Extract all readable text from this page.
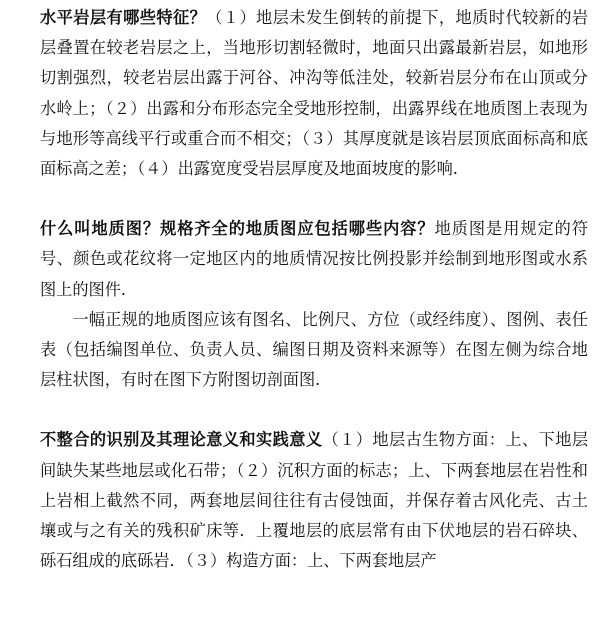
水平岩层有哪些特征？（１）地层未发生倒转的前提下，地质时代较新的岩层叠置在较老岩层之上，当地形切割轻微时，地面只出露最新岩层，如地形切割强烈，较老岩层出露于河谷、冲沟等低洼处，较新岩层分布在山顶或分水岭上；（２）出露和分布形态完全受地形控制，出露界线在地质图上表现为与地形等高线平行或重合而不相交；（３）其厚度就是该岩层顶底面标高和底面标高之差；（４）出露宽度受岩层厚度及地面坡度的影响.

什么叫地质图？规格齐全的地质图应包括哪些内容？地质图是用规定的符号、颜色或花纹将一定地区内的地质情况按比例投影并绘制到地形图或水系图上的图件.

一幅正规的地质图应该有图名、比例尺、方位（或经纬度）、图例、表任表（包括编图单位、负责人员、编图日期及资料来源等）在图左侧为综合地层柱状图，有时在图下方附图切剖面图.

不整合的识别及其理论意义和实践意义（１）地层古生物方面：上、下地层间缺失某些地层或化石带；（２）沉积方面的标志；上、下两套地层在岩性和上岩相上截然不同，两套地层间往往有古侵蚀面，并保存着古风化壳、古土壤或与之有关的残积矿床等．上覆地层的底层常有由下伏地层的岩石碎块、砾石组成的底砾岩．（３）构造方面：上、下两套地层产
